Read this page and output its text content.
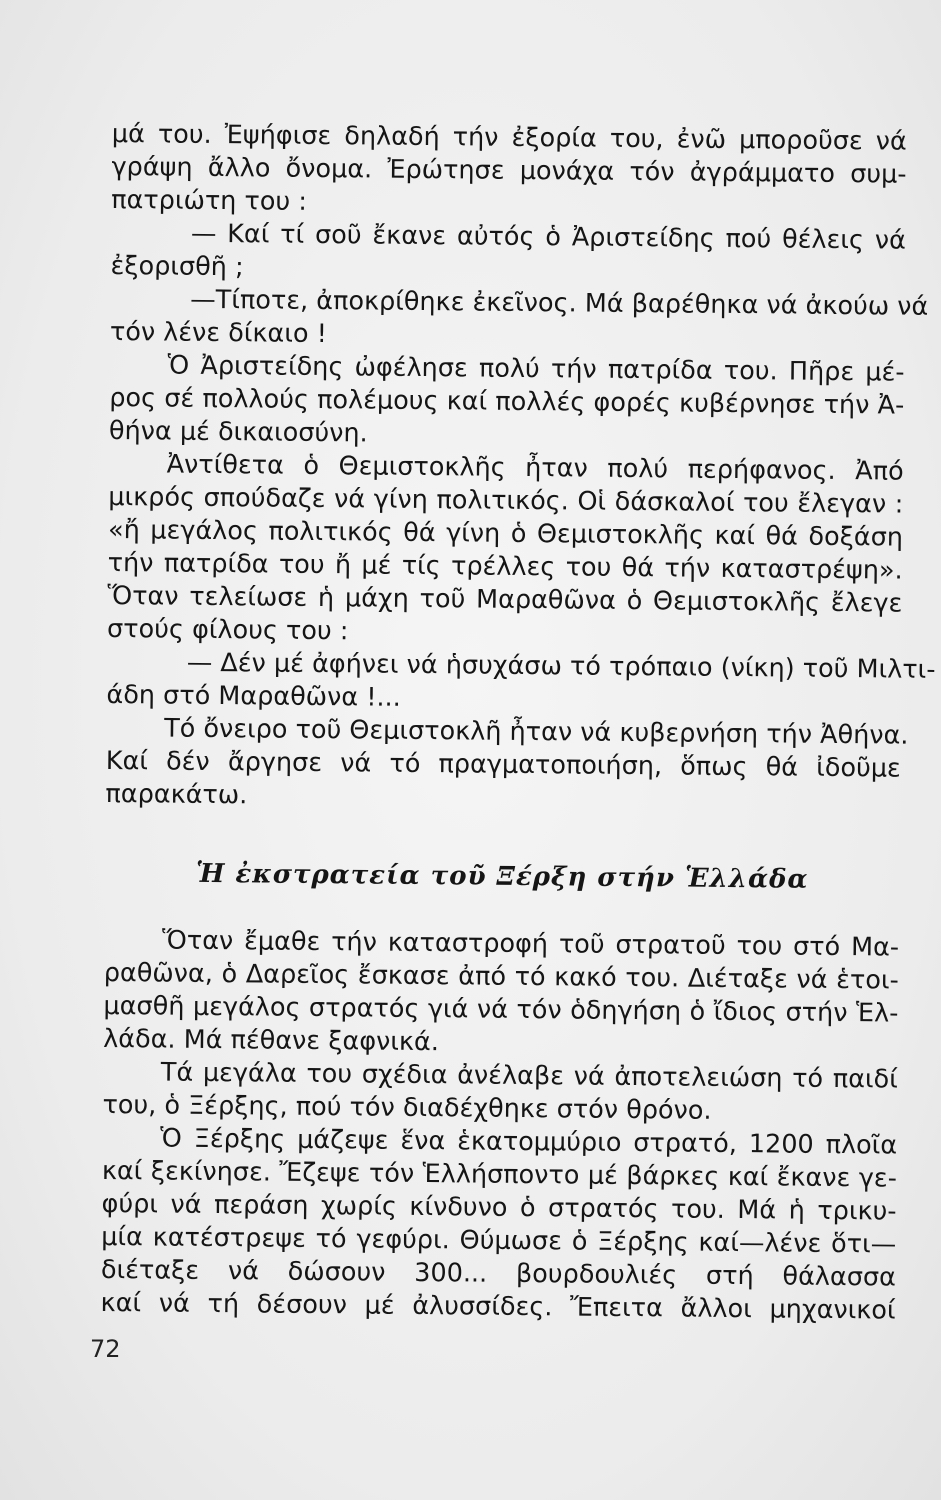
μά του. Ἐψήφισε δηλαδή τήν ἐξορία του, ἐνῶ μποροῦσε νά
γράψη ἄλλο ὄνομα. Ἐρώτησε μονάχα τόν ἀγράμματο συμ-
πατριώτη του :
— Καί τί σοῦ ἔκανε αὐτός ὁ Ἀριστείδης πού θέλεις νά
ἐξορισθῆ ;
—Τίποτε, ἀποκρίθηκε ἐκεῖνος. Μά βαρέθηκα νά ἀκούω νά
τόν λένε δίκαιο !
Ὁ Ἀριστείδης ὠφέλησε πολύ τήν πατρίδα του. Πῆρε μέ-
ρος σέ πολλούς πολέμους καί πολλές φορές κυβέρνησε τήν Ἀ-
θήνα μέ δικαιοσύνη.
Ἀντίθετα ὁ Θεμιστοκλῆς ἦταν πολύ περήφανος. Ἀπό
μικρός σπούδαζε νά γίνη πολιτικός. Οἱ δάσκαλοί του ἔλεγαν :
«ἤ μεγάλος πολιτικός θά γίνη ὁ Θεμιστοκλῆς καί θά δοξάση
τήν πατρίδα του ἤ μέ τίς τρέλλες του θά τήν καταστρέψη».
Ὅταν τελείωσε ἡ μάχη τοῦ Μαραθῶνα ὁ Θεμιστοκλῆς ἔλεγε
στούς φίλους του :
— Δέν μέ ἀφήνει νά ἡσυχάσω τό τρόπαιο (νίκη) τοῦ Μιλτι-
άδη στό Μαραθῶνα !...
Τό ὄνειρο τοῦ Θεμιστοκλῆ ἦταν νά κυβερνήση τήν Ἀθήνα.
Καί δέν ἄργησε νά τό πραγματοποιήση, ὅπως θά ἰδοῦμε
παρακάτω.
Ἡ ἐκστρατεία τοῦ Ξέρξη στήν Ἑλλάδα
Ὅταν ἔμαθε τήν καταστροφή τοῦ στρατοῦ του στό Μα-
ραθῶνα, ὁ Δαρεῖος ἔσκασε ἀπό τό κακό του. Διέταξε νά ἑτοι-
μασθῆ μεγάλος στρατός γιά νά τόν ὁδηγήση ὁ ἴδιος στήν Ἑλ-
λάδα. Μά πέθανε ξαφνικά.
Τά μεγάλα του σχέδια ἀνέλαβε νά ἀποτελειώση τό παιδί
του, ὁ Ξέρξης, πού τόν διαδέχθηκε στόν θρόνο.
Ὁ Ξέρξης μάζεψε ἕνα ἑκατομμύριο στρατό, 1200 πλοῖα
καί ξεκίνησε. Ἔζεψε τόν Ἑλλήσποντο μέ βάρκες καί ἔκανε γε-
φύρι νά περάση χωρίς κίνδυνο ὁ στρατός του. Μά ἡ τρικυ-
μία κατέστρεψε τό γεφύρι. Θύμωσε ὁ Ξέρξης καί—λένε ὅτι—
διέταξε νά δώσουν 300... βουρδουλιές στή θάλασσα
καί νά τή δέσουν μέ ἀλυσσίδες. Ἔπειτα ἄλλοι μηχανικοί
72
